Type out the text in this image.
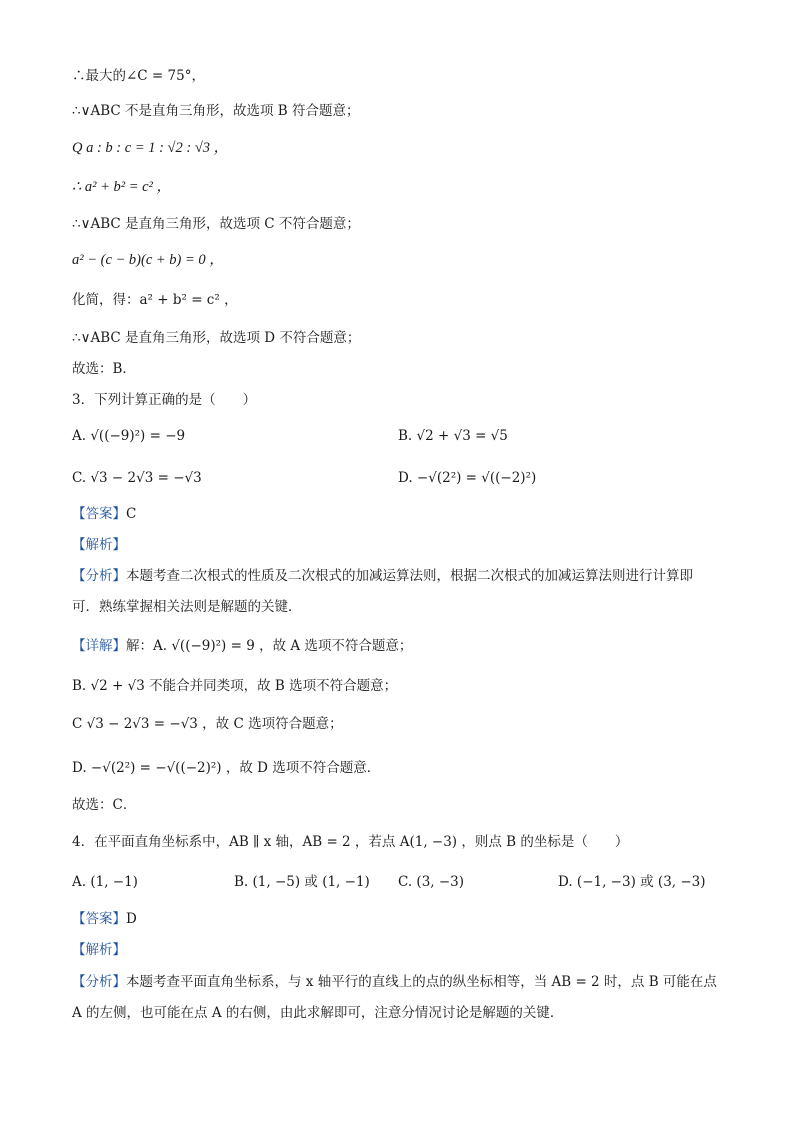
∴最大的∠C = 75°，
∴∨ABC 不是直角三角形，故选项 B 符合题意；
Q a : b : c = 1 : √2 : √3 ，
∴ a² + b² = c² ，
∴∨ABC 是直角三角形，故选项 C 不符合题意；
a² − (c − b)(c + b) = 0 ，
化简，得：a² + b² = c² ，
∴∨ABC 是直角三角形，故选项 D 不符合题意；
故选：B．
3．下列计算正确的是（　　）
A. √((−9)²) = −9	B. √2 + √3 = √5
C. √3 − 2√3 = −√3	D. −√(2²) = √((−2)²)
【答案】C
【解析】
【分析】本题考查二次根式的性质及二次根式的加减运算法则，根据二次根式的加减运算法则进行计算即
可．熟练掌握相关法则是解题的关键．
【详解】解：A. √((−9)²) = 9 ，故 A 选项不符合题意；
B. √2 + √3 不能合并同类项，故 B 选项不符合题意；
C √3 − 2√3 = −√3 ，故 C 选项符合题意；
D. −√(2²) = −√((−2)²) ，故 D 选项不符合题意．
故选：C．
4．在平面直角坐标系中，AB ∥ x 轴，AB = 2 ，若点 A(1, −3) ，则点 B 的坐标是（　　）
A. (1, −1)	B. (1, −5) 或 (1, −1) C. (3, −3)	D. (−1, −3) 或 (3, −3)
【答案】D
【解析】
【分析】本题考查平面直角坐标系，与 x 轴平行的直线上的点的纵坐标相等，当 AB = 2 时，点 B 可能在点
A 的左侧，也可能在点 A 的右侧，由此求解即可，注意分情况讨论是解题的关键．
